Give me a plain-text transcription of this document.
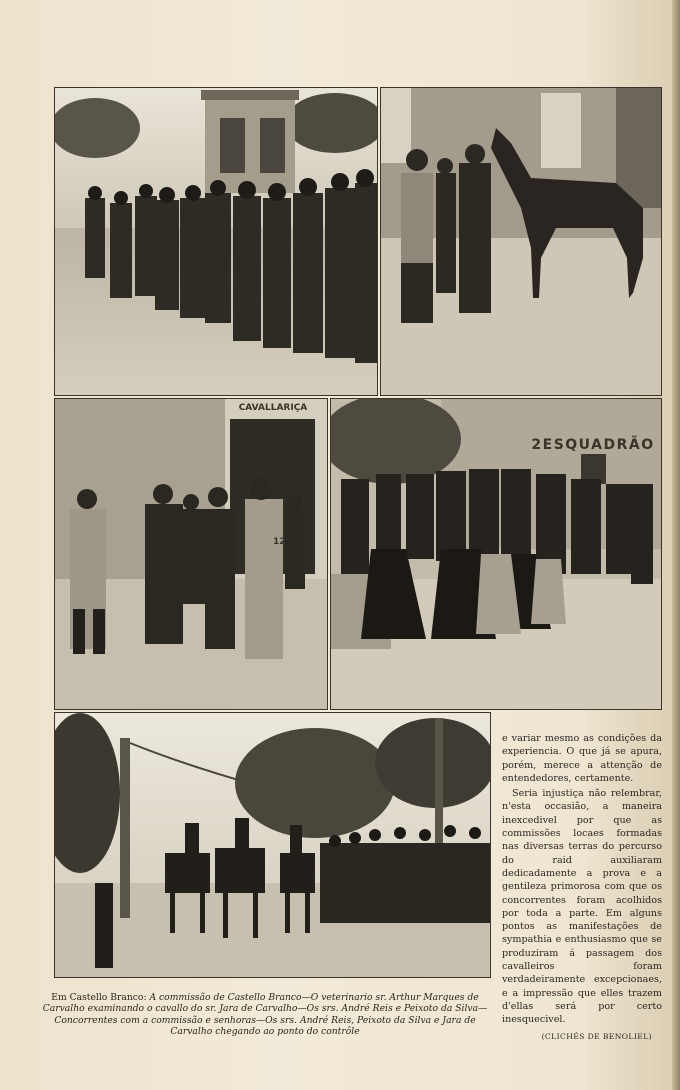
CAVALLARIÇA
12
2ESQUADRÃO

e variar mesmo as condições da experiencia. O que já se apura, porém, merece a attenção de entendedores, certamente.

Seria injustiça não relembrar, n'esta occasião, a maneira inexcedivel por que as commissões locaes formadas nas diversas terras do percurso do raid auxiliaram dedicadamente a prova e a gentileza primorosa com que os concorrentes foram acolhidos por toda a parte. Em alguns pontos as manifestações de sympathia e enthusiasmo que se produziram á passagem dos cavalleiros foram verdadeiramente excepcionaes, e a impressão que elles trazem d'ellas será por certo inesquecivel.

Em Castello Branco: A commissão de Castello Branco—O veterinario sr. Arthur Marques de Carvalho examinando o cavallo do sr. Jara de Carvalho—Os srs. André Reis e Peixoto da Silva—Concorrentes com a commissão e senhoras—Os srs. André Reis, Peixoto da Silva e Jara de Carvalho chegando ao ponto do contrôle	(CLICHÉS DE BENOLIEL)
